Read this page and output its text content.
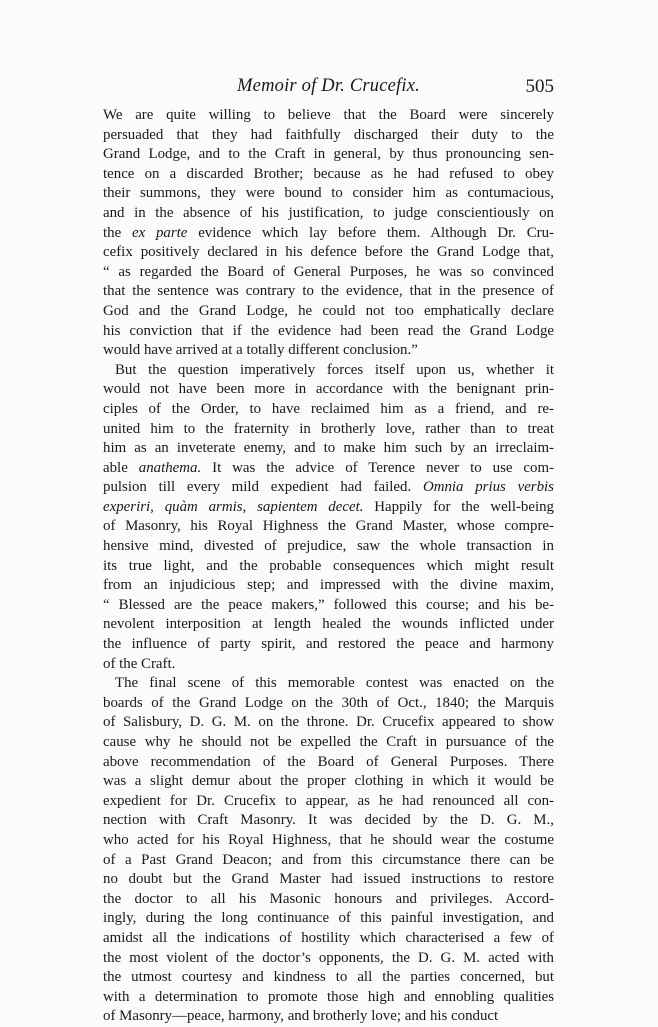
Memoir of Dr. Crucefix.	505
We are quite willing to believe that the Board were sincerely
persuaded that they had faithfully discharged their duty to the
Grand Lodge, and to the Craft in general, by thus pronouncing sen-
tence on a discarded Brother; because as he had refused to obey
their summons, they were bound to consider him as contumacious,
and in the absence of his justification, to judge conscientiously on
the ex parte evidence which lay before them. Although Dr. Cru-
cefix positively declared in his defence before the Grand Lodge that,
“ as regarded the Board of General Purposes, he was so convinced
that the sentence was contrary to the evidence, that in the presence of
God and the Grand Lodge, he could not too emphatically declare
his conviction that if the evidence had been read the Grand Lodge
would have arrived at a totally different conclusion.”
But the question imperatively forces itself upon us, whether it
would not have been more in accordance with the benignant prin-
ciples of the Order, to have reclaimed him as a friend, and re-
united him to the fraternity in brotherly love, rather than to treat
him as an inveterate enemy, and to make him such by an irreclaim-
able anathema. It was the advice of Terence never to use com-
pulsion till every mild expedient had failed. Omnia prius verbis
experiri, quàm armis, sapientem decet. Happily for the well-being
of Masonry, his Royal Highness the Grand Master, whose compre-
hensive mind, divested of prejudice, saw the whole transaction in
its true light, and the probable consequences which might result
from an injudicious step; and impressed with the divine maxim,
“ Blessed are the peace makers,” followed this course; and his be-
nevolent interposition at length healed the wounds inflicted under
the influence of party spirit, and restored the peace and harmony
of the Craft.
The final scene of this memorable contest was enacted on the
boards of the Grand Lodge on the 30th of Oct., 1840; the Marquis
of Salisbury, D. G. M. on the throne. Dr. Crucefix appeared to show
cause why he should not be expelled the Craft in pursuance of the
above recommendation of the Board of General Purposes. There
was a slight demur about the proper clothing in which it would be
expedient for Dr. Crucefix to appear, as he had renounced all con-
nection with Craft Masonry. It was decided by the D. G. M.,
who acted for his Royal Highness, that he should wear the costume
of a Past Grand Deacon; and from this circumstance there can be
no doubt but the Grand Master had issued instructions to restore
the doctor to all his Masonic honours and privileges. Accord-
ingly, during the long continuance of this painful investigation, and
amidst all the indications of hostility which characterised a few of
the most violent of the doctor’s opponents, the D. G. M. acted with
the utmost courtesy and kindness to all the parties concerned, but
with a determination to promote those high and ennobling qualities
of Masonry—peace, harmony, and brotherly love; and his conduct
